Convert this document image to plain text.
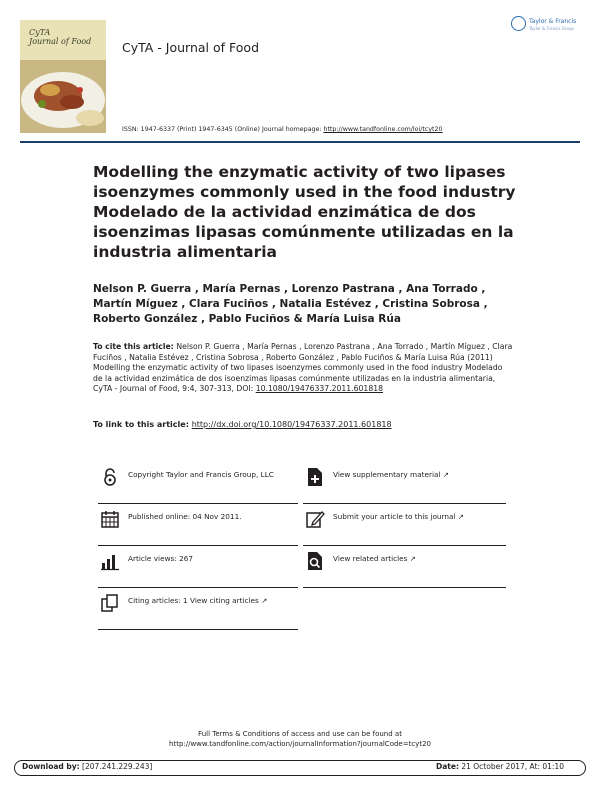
CyTA
Journal of Food CyTA - Journal of Food
Taylor & Francis
Taylor & Francis Group
ISSN: 1947-6337 (Print) 1947-6345 (Online) Journal homepage: http://www.tandfonline.com/loi/tcyt20
Modelling the enzymatic activity of two lipases isoenzymes commonly used in the food industry Modelado de la actividad enzimática de dos isoenzimas lipasas comúnmente utilizadas en la industria alimentaria
Nelson P. Guerra , María Pernas , Lorenzo Pastrana , Ana Torrado , Martín Míguez , Clara Fuciños , Natalia Estévez , Cristina Sobrosa , Roberto González , Pablo Fuciños & María Luisa Rúa
To cite this article: Nelson P. Guerra , María Pernas , Lorenzo Pastrana , Ana Torrado , Martín Míguez , Clara Fuciños , Natalia Estévez , Cristina Sobrosa , Roberto González , Pablo Fuciños & María Luisa Rúa (2011) Modelling the enzymatic activity of two lipases isoenzymes commonly used in the food industry Modelado de la actividad enzimática de dos isoenzimas lipasas comúnmente utilizadas en la industria alimentaria, CyTA - Journal of Food, 9:4, 307-313, DOI: 10.1080/19476337.2011.601818
To link to this article: http://dx.doi.org/10.1080/19476337.2011.601818
Copyright Taylor and Francis Group, LLC
Published online: 04 Nov 2011.
Article views: 267
Citing articles: 1 View citing articles ↗
View supplementary material ↗
Submit your article to this journal ↗
View related articles ↗
Full Terms & Conditions of access and use can be found at
http://www.tandfonline.com/action/journalInformation?journalCode=tcyt20
Download by: [207.241.229.243]	Date: 21 October 2017, At: 01:10
